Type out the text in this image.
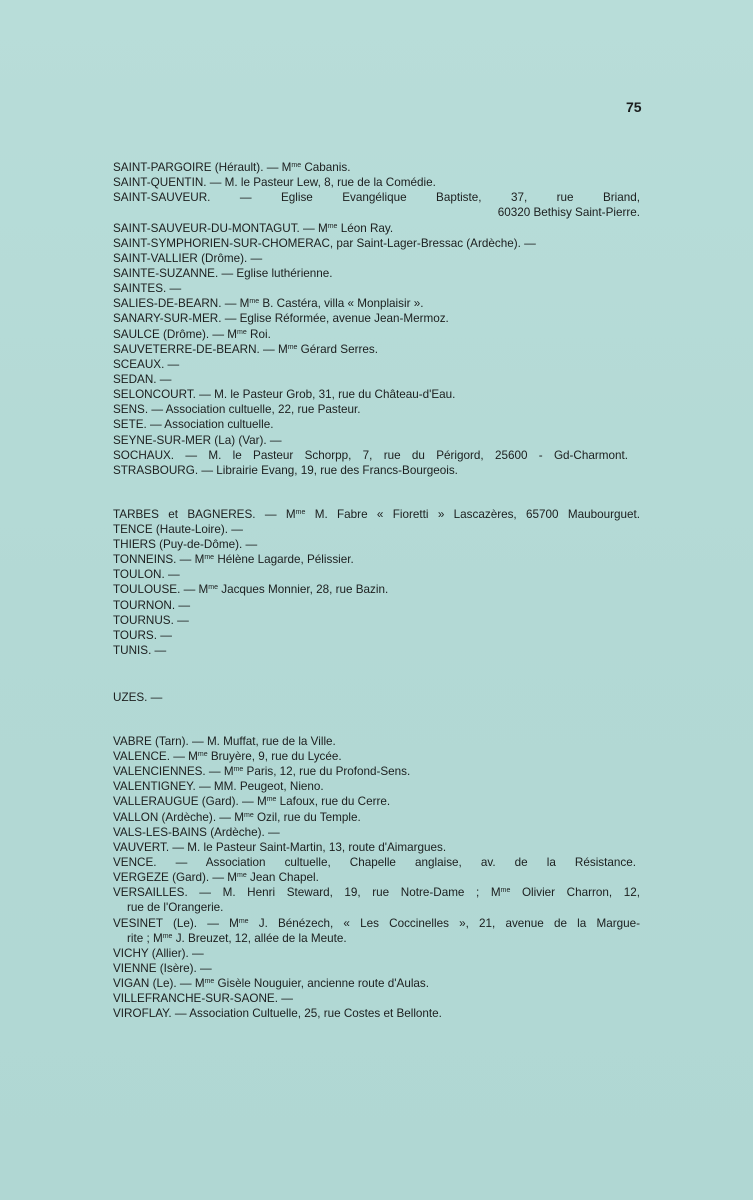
75
SAINT-PARGOIRE (Hérault). — $M^{me}$ Cabanis.
SAINT-QUENTIN. — M. le Pasteur Lew, 8, rue de la Comédie.
SAINT-SAUVEUR. — Eglise Evangélique Baptiste, 37, rue Briand,
60320 Bethisy Saint-Pierre.
SAINT-SAUVEUR-DU-MONTAGUT. — $M^{me}$ Léon Ray.
SAINT-SYMPHORIEN-SUR-CHOMERAC, par Saint-Lager-Bressac (Ardèche). —
SAINT-VALLIER (Drôme). —
SAINTE-SUZANNE. — Eglise luthérienne.
SAINTES. —
SALIES-DE-BEARN. — $M^{me}$ B. Castéra, villa « Monplaisir ».
SANARY-SUR-MER. — Eglise Réformée, avenue Jean-Mermoz.
SAULCE (Drôme). — $M^{me}$ Roi.
SAUVETERRE-DE-BEARN. — $M^{me}$ Gérard Serres.
SCEAUX. —
SEDAN. —
SELONCOURT. — M. le Pasteur Grob, 31, rue du Château-d'Eau.
SENS. — Association cultuelle, 22, rue Pasteur.
SETE. — Association cultuelle.
SEYNE-SUR-MER (La) (Var). —
SOCHAUX. — M. le Pasteur Schorpp, 7, rue du Périgord, 25600 - Gd-Charmont.
STRASBOURG. — Librairie Evang, 19, rue des Francs-Bourgeois.
TARBES et BAGNERES. — $M^{me}$ M. Fabre « Fioretti » Lascazères, 65700 Maubourguet.
TENCE (Haute-Loire). —
THIERS (Puy-de-Dôme). —
TONNEINS. — $M^{me}$ Hélène Lagarde, Pélissier.
TOULON. —
TOULOUSE. — $M^{me}$ Jacques Monnier, 28, rue Bazin.
TOURNON. —
TOURNUS. —
TOURS. —
TUNIS. —
UZES. —
VABRE (Tarn). — M. Muffat, rue de la Ville.
VALENCE. — $M^{me}$ Bruyère, 9, rue du Lycée.
VALENCIENNES. — $M^{me}$ Paris, 12, rue du Profond-Sens.
VALENTIGNEY. — MM. Peugeot, Nieno.
VALLERAUGUE (Gard). — $M^{me}$ Lafoux, rue du Cerre.
VALLON (Ardèche). — $M^{me}$ Ozil, rue du Temple.
VALS-LES-BAINS (Ardèche). —
VAUVERT. — M. le Pasteur Saint-Martin, 13, route d'Aimargues.
VENCE. — Association cultuelle, Chapelle anglaise, av. de la Résistance.
VERGEZE (Gard). — $M^{me}$ Jean Chapel.
VERSAILLES. — M. Henri Steward, 19, rue Notre-Dame ; $M^{me}$ Olivier Charron, 12,
rue de l'Orangerie.
VESINET (Le). — $M^{me}$ J. Bénézech, « Les Coccinelles », 21, avenue de la Margue-
rite ; $M^{me}$ J. Breuzet, 12, allée de la Meute.
VICHY (Allier). —
VIENNE (Isère). —
VIGAN (Le). — $M^{me}$ Gisèle Nouguier, ancienne route d'Aulas.
VILLEFRANCHE-SUR-SAONE. —
VIROFLAY. — Association Cultuelle, 25, rue Costes et Bellonte.
